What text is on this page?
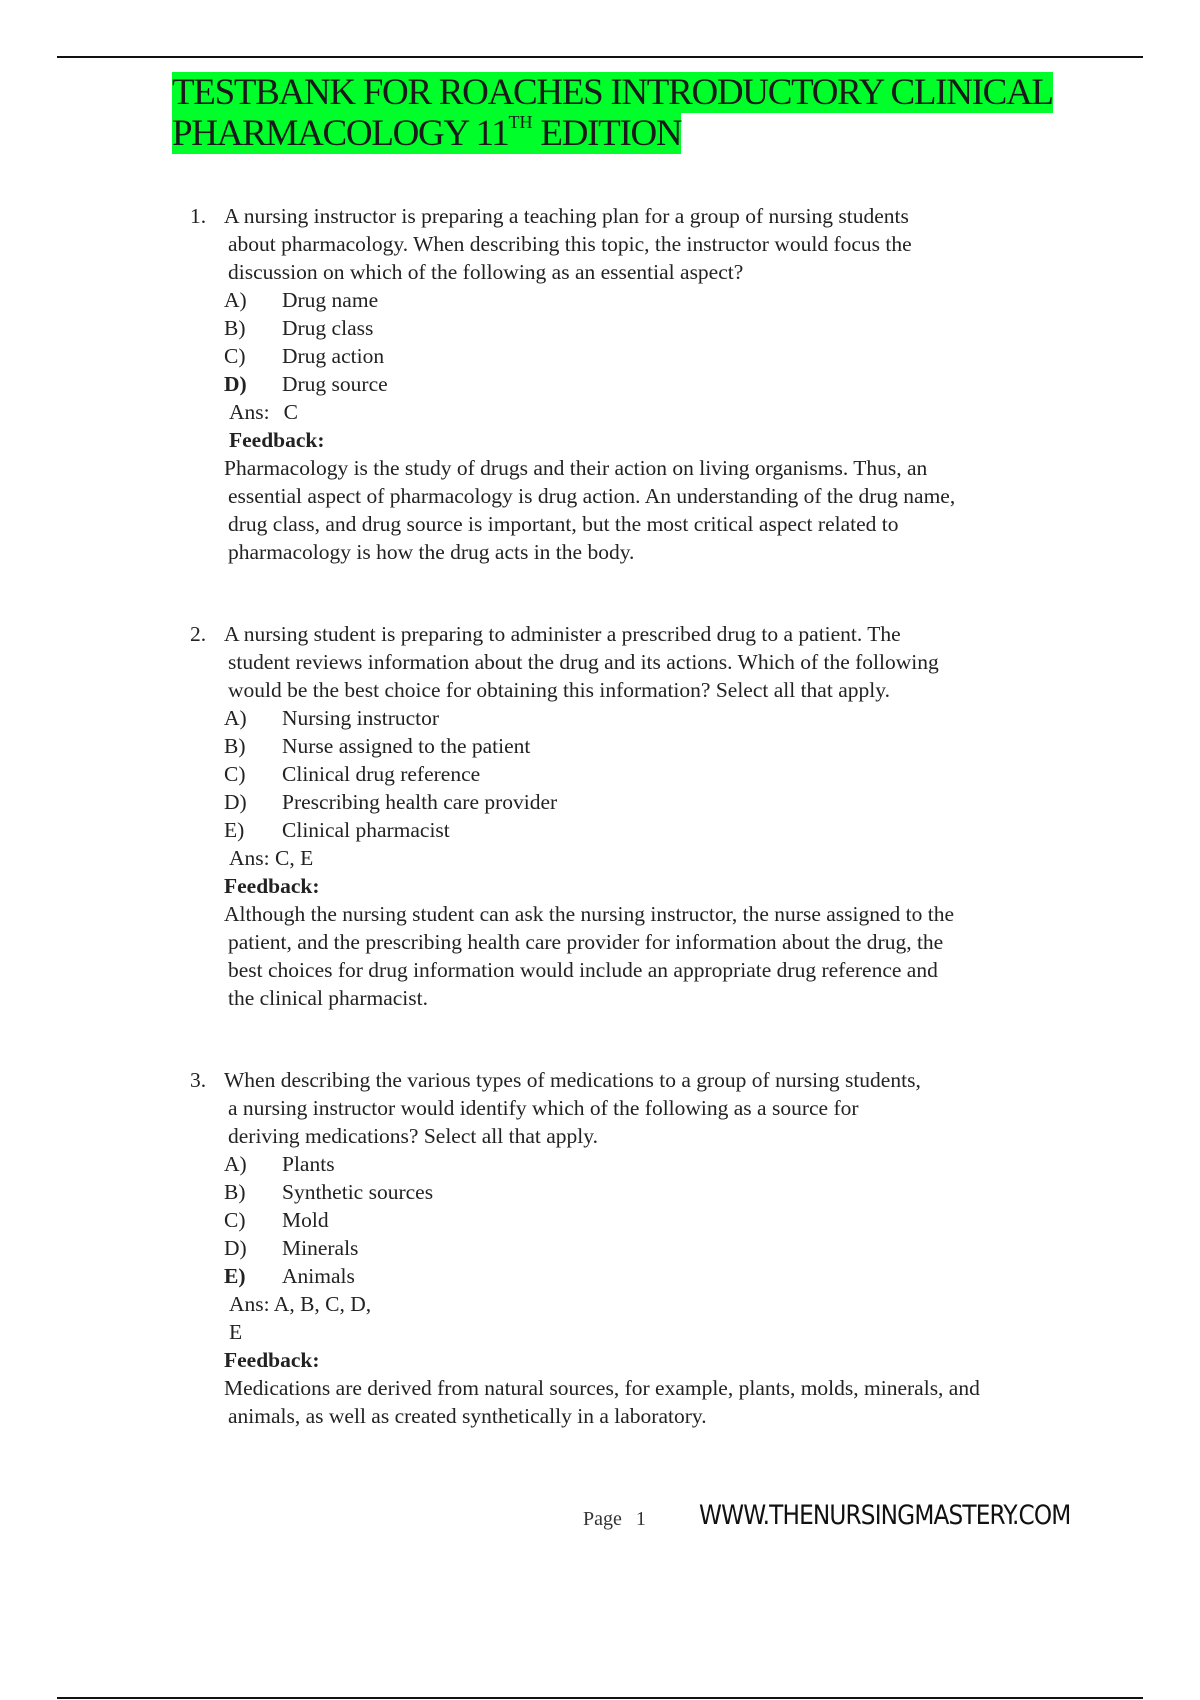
TESTBANK FOR ROACHES INTRODUCTORY CLINICAL
PHARMACOLOGY 11TH EDITION
1. A nursing instructor is preparing a teaching plan for a group of nursing students
about pharmacology. When describing this topic, the instructor would focus the
discussion on which of the following as an essential aspect?
A) Drug name
B) Drug class
C) Drug action
D) Drug source
Ans: C
Feedback:
Pharmacology is the study of drugs and their action on living organisms. Thus, an
essential aspect of pharmacology is drug action. An understanding of the drug name,
drug class, and drug source is important, but the most critical aspect related to
pharmacology is how the drug acts in the body.
2. A nursing student is preparing to administer a prescribed drug to a patient. The
student reviews information about the drug and its actions. Which of the following
would be the best choice for obtaining this information? Select all that apply.
A) Nursing instructor
B) Nurse assigned to the patient
C) Clinical drug reference
D) Prescribing health care provider
E) Clinical pharmacist
Ans: C, E
Feedback:
Although the nursing student can ask the nursing instructor, the nurse assigned to the
patient, and the prescribing health care provider for information about the drug, the
best choices for drug information would include an appropriate drug reference and
the clinical pharmacist.
3. When describing the various types of medications to a group of nursing students,
a nursing instructor would identify which of the following as a source for
deriving medications? Select all that apply.
A) Plants
B) Synthetic sources
C) Mold
D) Minerals
E) Animals
Ans: A, B, C, D,
E
Feedback:
Medications are derived from natural sources, for example, plants, molds, minerals, and
animals, as well as created synthetically in a laboratory.
Page 1 WWW.THENURSINGMASTERY.COM
